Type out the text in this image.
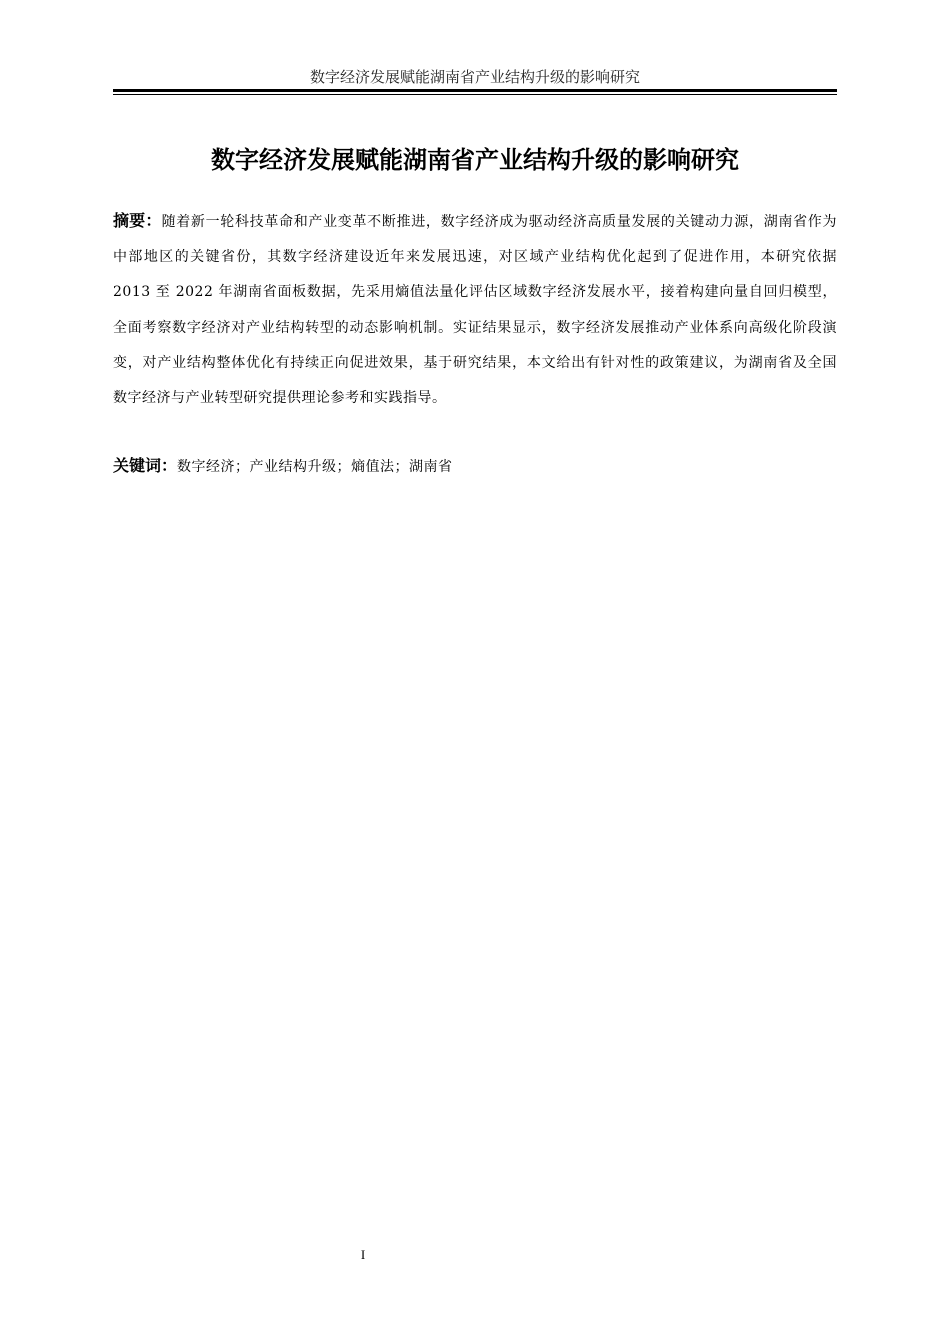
数字经济发展赋能湖南省产业结构升级的影响研究
数字经济发展赋能湖南省产业结构升级的影响研究

摘要：随着新一轮科技革命和产业变革不断推进，数字经济成为驱动经济高质量发展的关键动力源，湖南省作为中部地区的关键省份，其数字经济建设近年来发展迅速，对区域产业结构优化起到了促进作用，本研究依据 2013 至 2022 年湖南省面板数据，先采用熵值法量化评估区域数字经济发展水平，接着构建向量自回归模型，全面考察数字经济对产业结构转型的动态影响机制。实证结果显示，数字经济发展推动产业体系向高级化阶段演变，对产业结构整体优化有持续正向促进效果，基于研究结果，本文给出有针对性的政策建议，为湖南省及全国数字经济与产业转型研究提供理论参考和实践指导。

关键词：数字经济；产业结构升级；熵值法；湖南省

I
